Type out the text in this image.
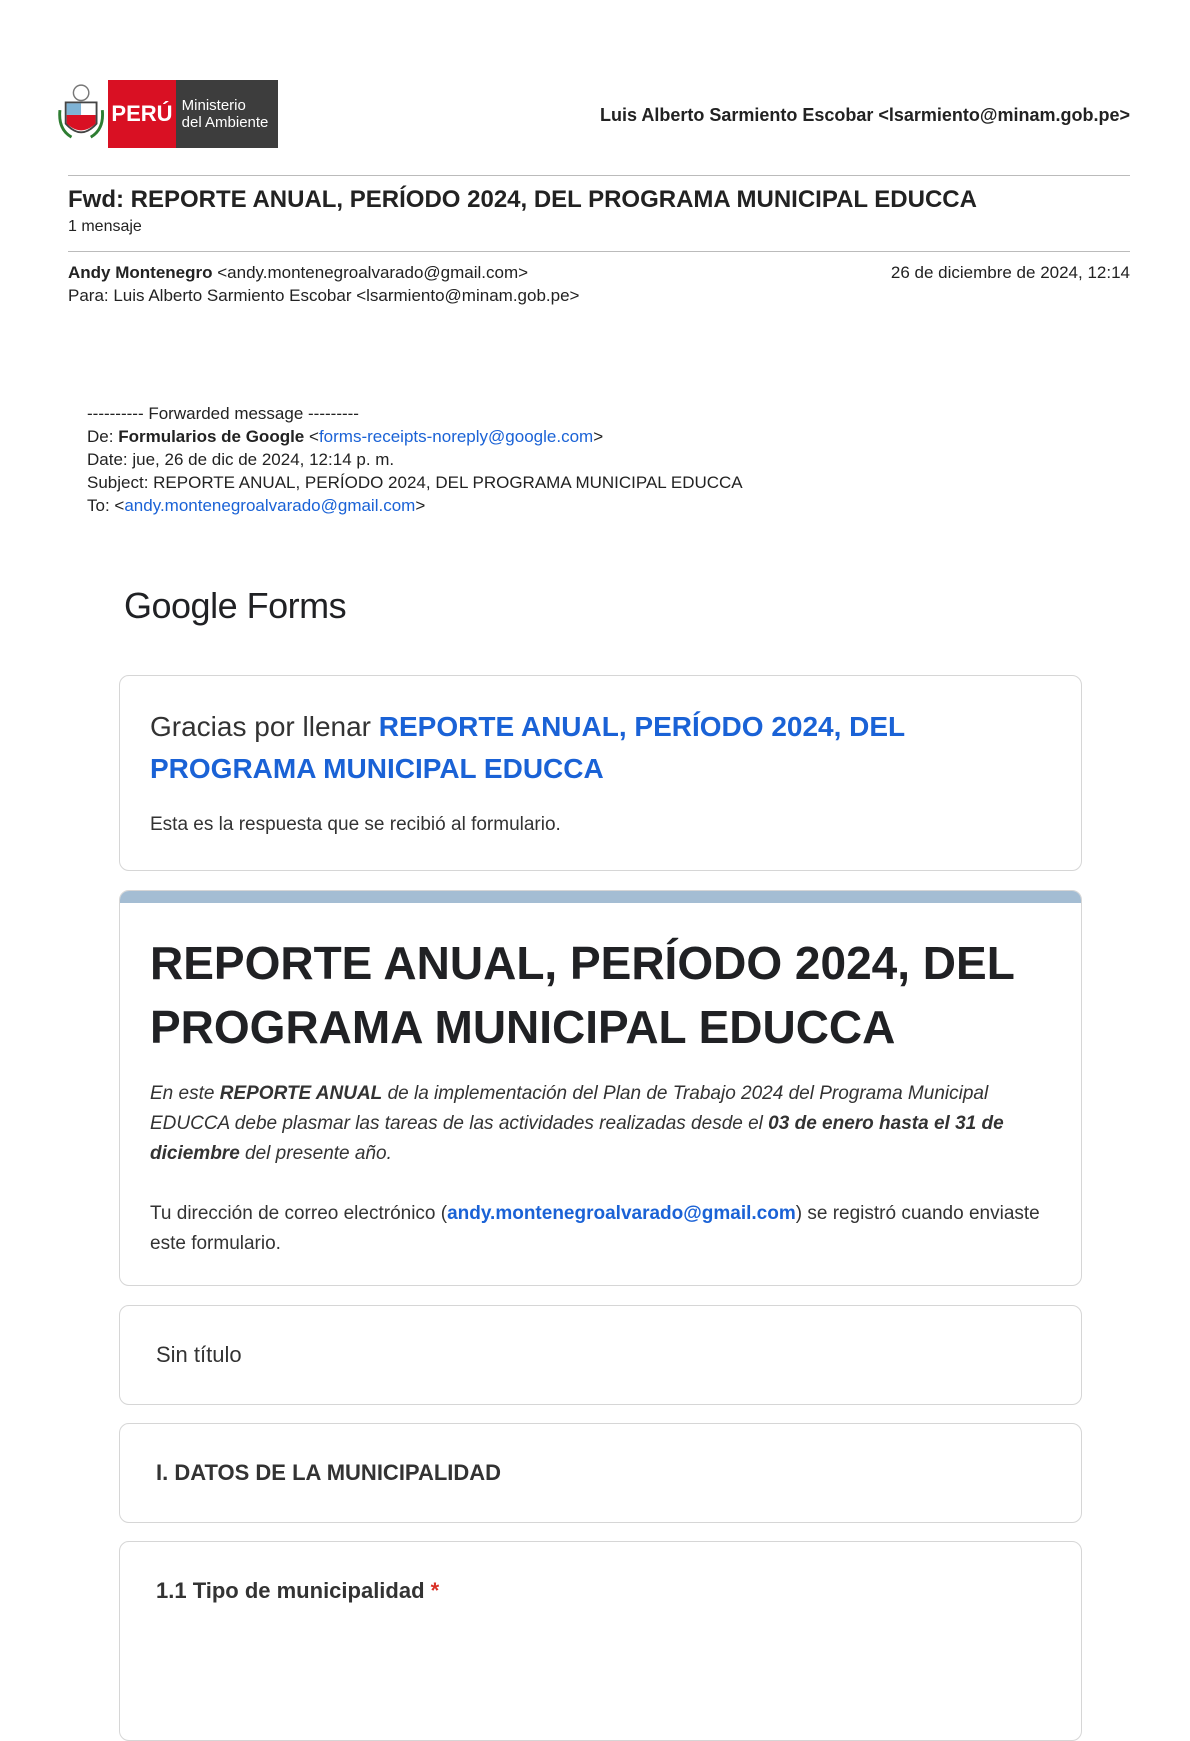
PERÚ Ministerio
del Ambiente	Luis Alberto Sarmiento Escobar <lsarmiento@minam.gob.pe>
Fwd: REPORTE ANUAL, PERÍODO 2024, DEL PROGRAMA MUNICIPAL EDUCCA
1 mensaje
Andy Montenegro <andy.montenegroalvarado@gmail.com>	26 de diciembre de 2024, 12:14
Para: Luis Alberto Sarmiento Escobar <lsarmiento@minam.gob.pe>
---------- Forwarded message ---------
De: Formularios de Google <forms-receipts-noreply@google.com>
Date: jue, 26 de dic de 2024, 12:14 p. m.
Subject: REPORTE ANUAL, PERÍODO 2024, DEL PROGRAMA MUNICIPAL EDUCCA
To: <andy.montenegroalvarado@gmail.com>
Google Forms
Gracias por llenar REPORTE ANUAL, PERÍODO 2024, DEL PROGRAMA MUNICIPAL EDUCCA
Esta es la respuesta que se recibió al formulario.
REPORTE ANUAL, PERÍODO 2024, DEL PROGRAMA MUNICIPAL EDUCCA
En este REPORTE ANUAL de la implementación del Plan de Trabajo 2024 del Programa Municipal EDUCCA debe plasmar las tareas de las actividades realizadas desde el 03 de enero hasta el 31 de diciembre del presente año.
Tu dirección de correo electrónico (andy.montenegroalvarado@gmail.com) se registró cuando enviaste este formulario.
Sin título
I. DATOS DE LA MUNICIPALIDAD
1.1 Tipo de municipalidad *
